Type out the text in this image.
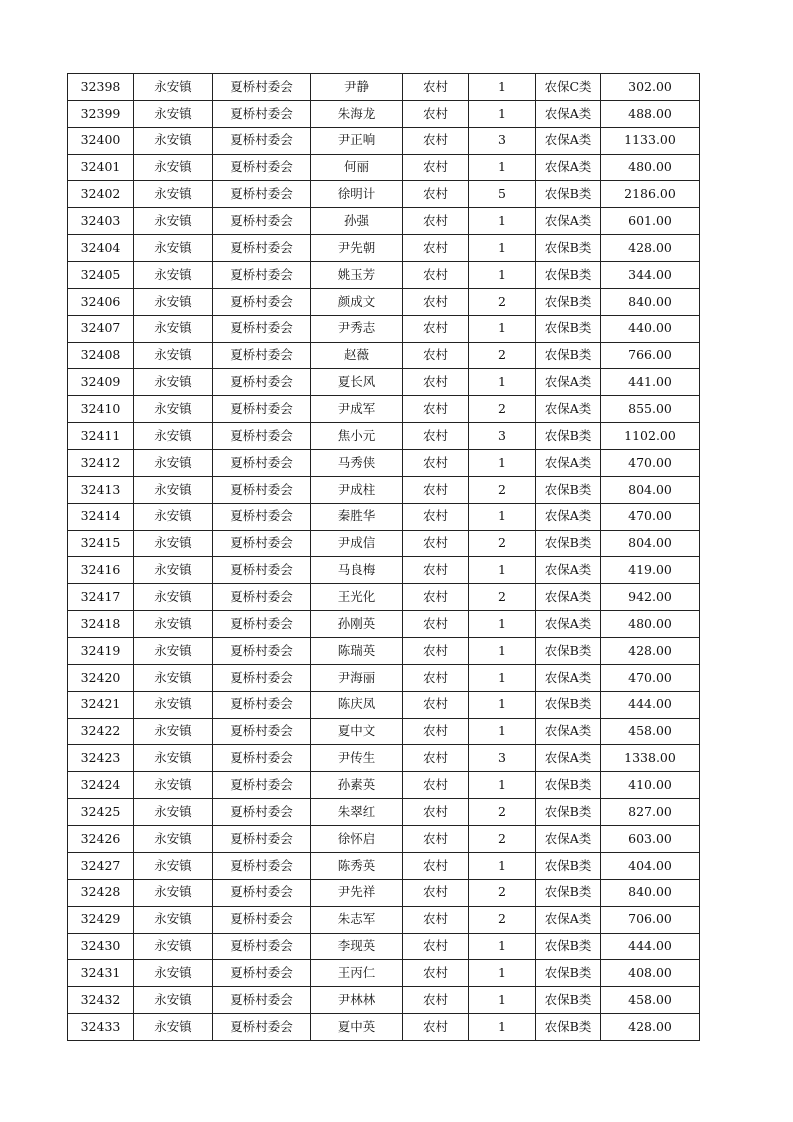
32398	永安镇	夏桥村委会	尹静	农村	1	农保C类	302.00
32399	永安镇	夏桥村委会	朱海龙	农村	1	农保A类	488.00
32400	永安镇	夏桥村委会	尹正响	农村	3	农保A类	1133.00
32401	永安镇	夏桥村委会	何丽	农村	1	农保A类	480.00
32402	永安镇	夏桥村委会	徐明计	农村	5	农保B类	2186.00
32403	永安镇	夏桥村委会	孙强	农村	1	农保A类	601.00
32404	永安镇	夏桥村委会	尹先朝	农村	1	农保B类	428.00
32405	永安镇	夏桥村委会	姚玉芳	农村	1	农保B类	344.00
32406	永安镇	夏桥村委会	颜成文	农村	2	农保B类	840.00
32407	永安镇	夏桥村委会	尹秀志	农村	1	农保B类	440.00
32408	永安镇	夏桥村委会	赵薇	农村	2	农保B类	766.00
32409	永安镇	夏桥村委会	夏长风	农村	1	农保A类	441.00
32410	永安镇	夏桥村委会	尹成军	农村	2	农保A类	855.00
32411	永安镇	夏桥村委会	焦小元	农村	3	农保B类	1102.00
32412	永安镇	夏桥村委会	马秀侠	农村	1	农保A类	470.00
32413	永安镇	夏桥村委会	尹成柱	农村	2	农保B类	804.00
32414	永安镇	夏桥村委会	秦胜华	农村	1	农保A类	470.00
32415	永安镇	夏桥村委会	尹成信	农村	2	农保B类	804.00
32416	永安镇	夏桥村委会	马良梅	农村	1	农保A类	419.00
32417	永安镇	夏桥村委会	王光化	农村	2	农保A类	942.00
32418	永安镇	夏桥村委会	孙刚英	农村	1	农保A类	480.00
32419	永安镇	夏桥村委会	陈瑞英	农村	1	农保B类	428.00
32420	永安镇	夏桥村委会	尹海丽	农村	1	农保A类	470.00
32421	永安镇	夏桥村委会	陈庆凤	农村	1	农保B类	444.00
32422	永安镇	夏桥村委会	夏中文	农村	1	农保A类	458.00
32423	永安镇	夏桥村委会	尹传生	农村	3	农保A类	1338.00
32424	永安镇	夏桥村委会	孙素英	农村	1	农保B类	410.00
32425	永安镇	夏桥村委会	朱翠红	农村	2	农保B类	827.00
32426	永安镇	夏桥村委会	徐怀启	农村	2	农保A类	603.00
32427	永安镇	夏桥村委会	陈秀英	农村	1	农保B类	404.00
32428	永安镇	夏桥村委会	尹先祥	农村	2	农保B类	840.00
32429	永安镇	夏桥村委会	朱志军	农村	2	农保A类	706.00
32430	永安镇	夏桥村委会	李现英	农村	1	农保B类	444.00
32431	永安镇	夏桥村委会	王丙仁	农村	1	农保B类	408.00
32432	永安镇	夏桥村委会	尹林林	农村	1	农保B类	458.00
32433	永安镇	夏桥村委会	夏中英	农村	1	农保B类	428.00
